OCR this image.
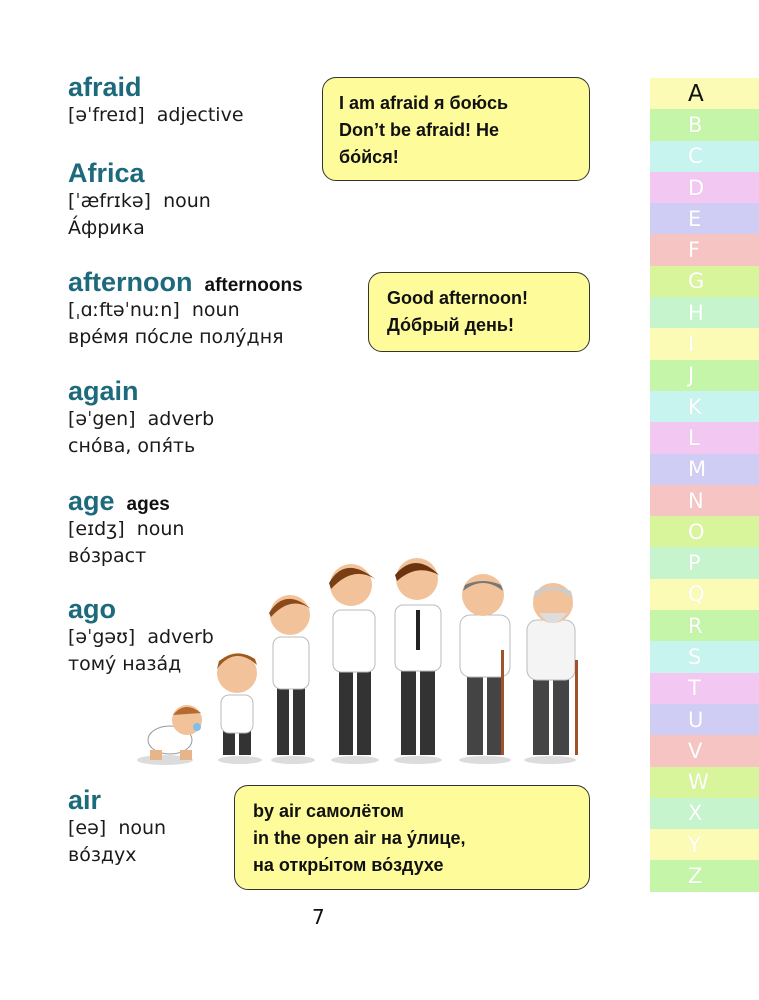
afraid
[əˈfreɪd] adjective
Africa
[ˈæfrɪkə] noun
А́фрика
afternoon afternoons
[ˌɑːftəˈnuːn] noun
вре́мя по́сле полу́дня
again
[əˈgen] adverb
сно́ва, опя́ть
age ages
[eɪdʒ] noun
во́зраст
ago
[əˈgəʊ] adverb
тому́ наза́д
air
[eə] noun
во́здух
I am afraid я бою́сь
Don’t be afraid! Не
бо́йся!
Good afternoon!
До́брый день!
by air самолётом
in the open air на у́лице,
на откры́том во́здухе
7
A
B
C
D
E
F
G
H
I
J
K
L
M
N
O
P
Q
R
S
T
U
V
W
X
Y
Z
